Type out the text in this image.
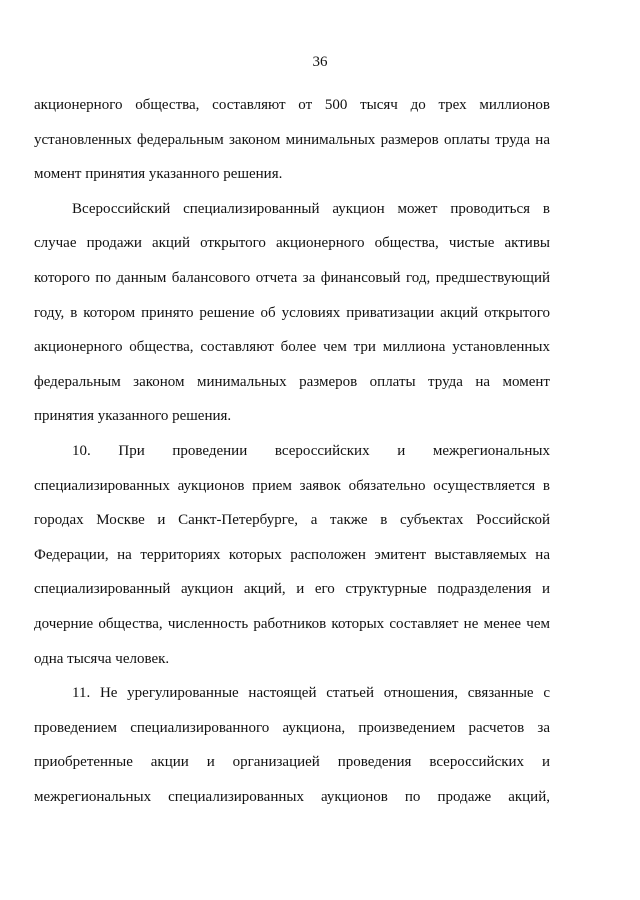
36
акционерного общества, составляют от 500 тысяч до трех миллионов
установленных федеральным законом минимальных размеров оплаты труда на
момент принятия указанного решения.
Всероссийский специализированный аукцион может проводиться в
случае продажи акций открытого акционерного общества, чистые активы
которого по данным балансового отчета за финансовый год, предшествующий
году, в котором принято решение об условиях приватизации акций открытого
акционерного общества, составляют более чем три миллиона установленных
федеральным законом минимальных размеров оплаты труда на момент
принятия указанного решения.
10. При проведении всероссийских и межрегиональных
специализированных аукционов прием заявок обязательно осуществляется в
городах Москве и Санкт-Петербурге, а также в субъектах Российской
Федерации, на территориях которых расположен эмитент выставляемых на
специализированный аукцион акций, и его структурные подразделения и
дочерние общества, численность работников которых составляет не менее чем
одна тысяча человек.
11. Не урегулированные настоящей статьей отношения, связанные с
проведением специализированного аукциона, произведением расчетов за
приобретенные акции и организацией проведения всероссийских и
межрегиональных специализированных аукционов по продаже акций,
